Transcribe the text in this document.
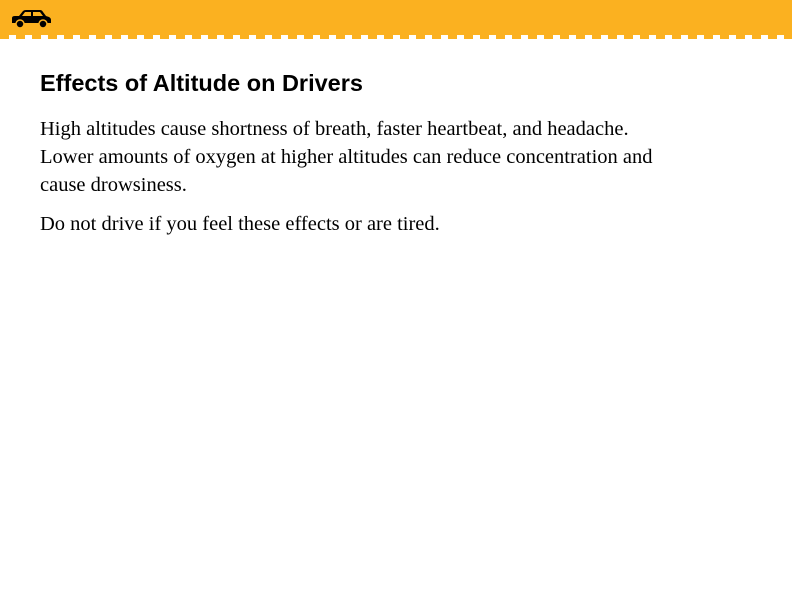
Effects of Altitude on Drivers

High altitudes cause shortness of breath, faster heartbeat, and headache. Lower amounts of oxygen at higher altitudes can reduce concentration and cause drowsiness.

Do not drive if you feel these effects or are tired.
